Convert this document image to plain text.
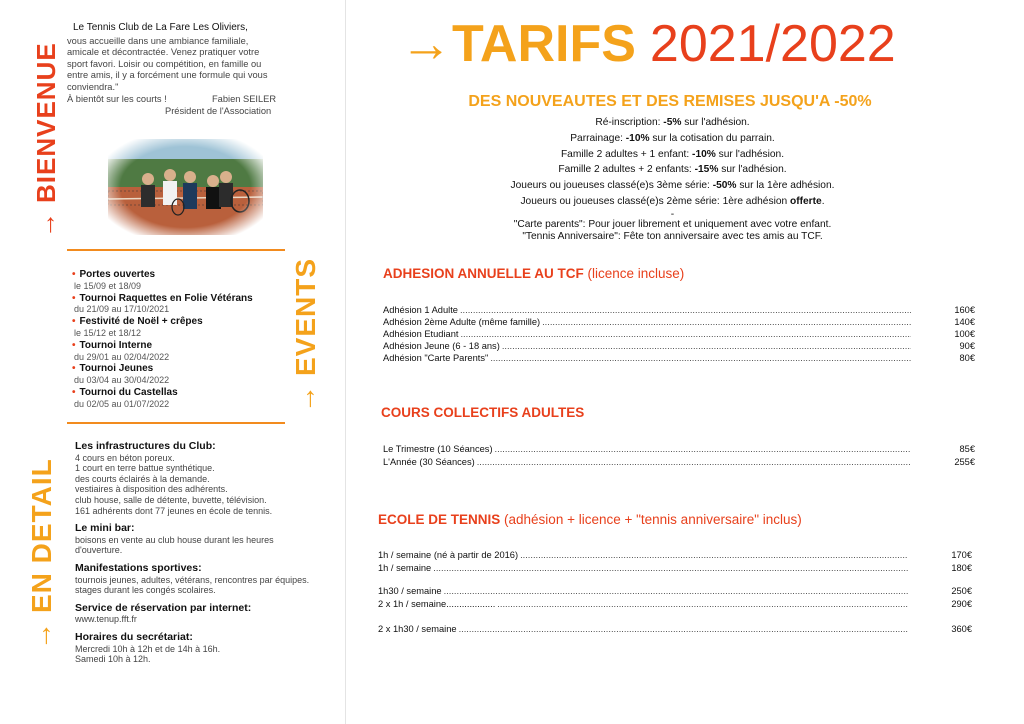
→BIENVENUE
→EVENTS
→EN DETAIL
Le Tennis Club de La Fare Les Oliviers,
vous accueille dans une ambiance familiale,
amicale et décontractée. Venez pratiquer votre
sport favori. Loisir ou compétition, en famille ou
entre amis, il y a forcément une formule qui vous
conviendra."
À bientôt sur les courts !	Fabien SEILER
Président de l'Association
• Portes ouvertes
le 15/09 et 18/09
• Tournoi Raquettes en Folie Vétérans
du 21/09 au 17/10/2021
• Festivité de Noël + crêpes
le 15/12 et 18/12
• Tournoi Interne
du 29/01 au 02/04/2022
• Tournoi Jeunes
du 03/04 au 30/04/2022
• Tournoi du Castellas
du 02/05 au 01/07/2022
Les infrastructures du Club:
4 cours en béton poreux.
1 court en terre battue synthétique.
des courts éclairés à la demande.
vestiaires à disposition des adhérents.
club house, salle de détente, buvette, télévision.
161 adhérents dont 77 jeunes en école de tennis.
Le mini bar:
boisons en vente au club house durant les heures
d'ouverture.
Manifestations sportives:
tournois jeunes, adultes, vétérans, rencontres par équipes.
stages durant les congés scolaires.
Service de réservation par internet:
www.tenup.fft.fr
Horaires du secrétariat:
Mercredi 10h à 12h et de 14h à 16h.
Samedi 10h à 12h.
→TARIFS 2021/2022
DES NOUVEAUTES ET DES REMISES JUSQU'A -50%
Ré-inscription: -5% sur l'adhésion.
Parrainage: -10% sur la cotisation du parrain.
Famille 2 adultes + 1 enfant: -10% sur l'adhésion.
Famille 2 adultes + 2 enfants: -15% sur l'adhésion.
Joueurs ou joueuses classé(e)s 3ème série: -50% sur la 1ère adhésion.
Joueurs ou joueuses classé(e)s 2ème série: 1ère adhésion offerte.
-
"Carte parents": Pour jouer librement et uniquement avec votre enfant.
"Tennis Anniversaire": Fête ton anniversaire avec tes amis au TCF.
ADHESION ANNUELLE AU TCF (licence incluse)
Adhésion 1 Adulte .....	160€
Adhésion 2ème Adulte (même famille) .....	140€
Adhésion Etudiant .....	100€
Adhésion Jeune (6 - 18 ans) .....	90€
Adhésion "Carte Parents" .....	80€
COURS COLLECTIFS ADULTES
Le Trimestre (10 Séances) .....	85€
L'Année (30 Séances) .....	255€
ECOLE DE TENNIS (adhésion + licence + "tennis anniversaire" inclus)
1h / semaine (né à partir de 2016) .....	170€
1h / semaine .....	180€
1h30 / semaine .....	250€
2 x 1h / semaine................... .....	290€
2 x 1h30 / semaine .....	360€
